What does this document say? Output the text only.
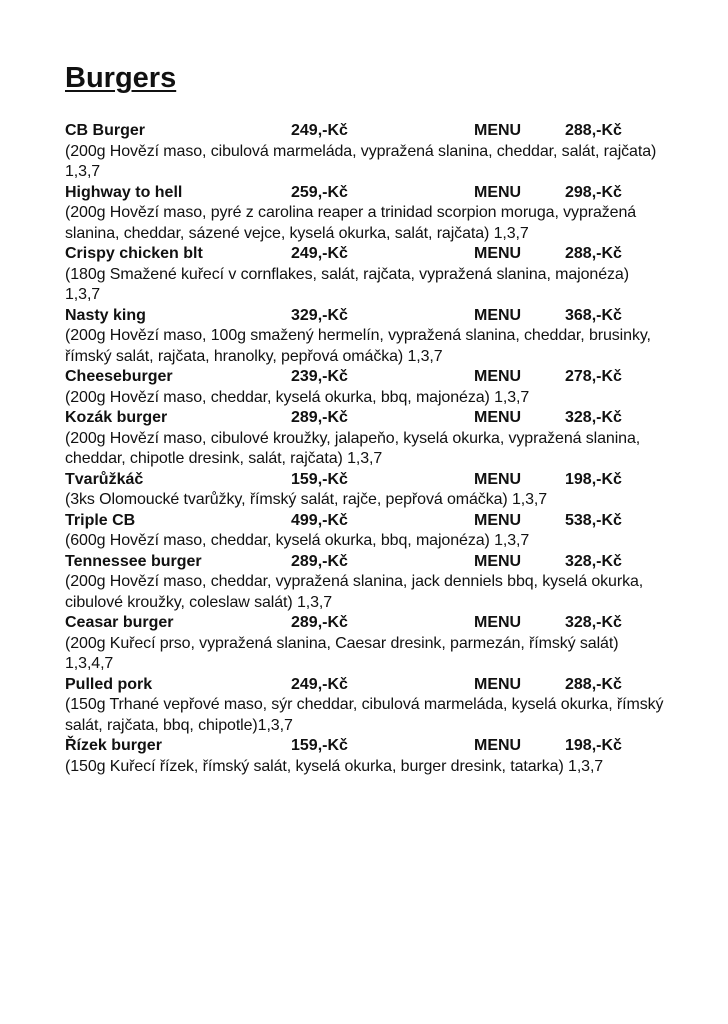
Burgers
CB Burger	249,-Kč	MENU	288,-Kč

(200g Hovězí maso, cibulová marmeláda, vypražená slanina, cheddar, salát, rajčata) 1,3,7

Highway to hell	259,-Kč	MENU	298,-Kč

(200g Hovězí maso, pyré z carolina reaper a trinidad scorpion moruga, vypražená slanina, cheddar, sázené vejce, kyselá okurka, salát, rajčata) 1,3,7

Crispy chicken blt	249,-Kč	MENU	288,-Kč

(180g Smažené kuřecí v cornflakes, salát, rajčata, vypražená slanina, majonéza) 1,3,7

Nasty king	329,-Kč	MENU	368,-Kč

(200g Hovězí maso, 100g smažený hermelín, vypražená slanina, cheddar, brusinky, římský salát, rajčata, hranolky, pepřová omáčka) 1,3,7

Cheeseburger	239,-Kč	MENU	278,-Kč

(200g Hovězí maso, cheddar, kyselá okurka, bbq, majonéza) 1,3,7

Kozák burger	289,-Kč	MENU	328,-Kč

(200g Hovězí maso, cibulové kroužky, jalapeňo, kyselá okurka, vypražená slanina, cheddar, chipotle dresink, salát, rajčata) 1,3,7

Tvarůžkáč	159,-Kč	MENU	198,-Kč

(3ks Olomoucké tvarůžky, římský salát, rajče, pepřová omáčka) 1,3,7

Triple CB	499,-Kč	MENU	538,-Kč

(600g Hovězí maso, cheddar, kyselá okurka, bbq, majonéza) 1,3,7

Tennessee burger	289,-Kč	MENU	328,-Kč

(200g Hovězí maso, cheddar, vypražená slanina, jack denniels bbq, kyselá okurka, cibulové kroužky, coleslaw salát) 1,3,7

Ceasar burger	289,-Kč	MENU	328,-Kč

(200g Kuřecí prso, vypražená slanina, Caesar dresink, parmezán, římský salát) 1,3,4,7

Pulled pork	249,-Kč	MENU	288,-Kč

(150g Trhané vepřové maso, sýr cheddar, cibulová marmeláda, kyselá okurka, římský salát, rajčata, bbq, chipotle)1,3,7

Řízek burger	159,-Kč	MENU	198,-Kč

(150g Kuřecí řízek, římský salát, kyselá okurka, burger dresink, tatarka) 1,3,7
